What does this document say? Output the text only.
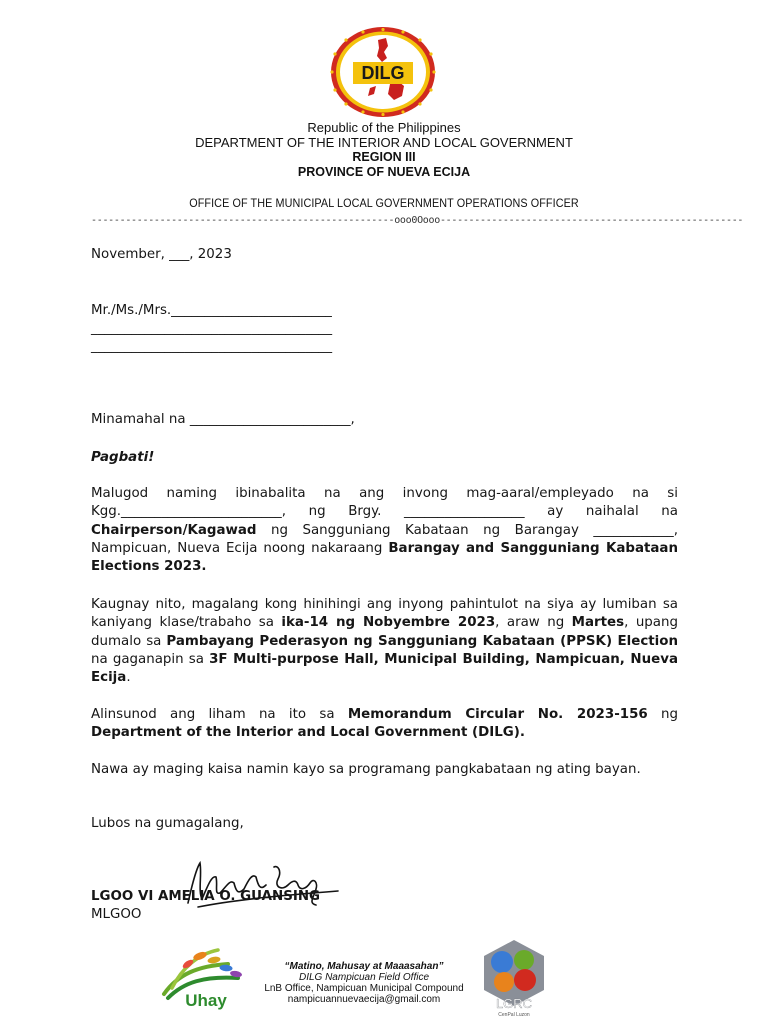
DILG
Republic of the Philippines
DEPARTMENT OF THE INTERIOR AND LOCAL GOVERNMENT
REGION III
PROVINCE OF NUEVA ECIJA
OFFICE OF THE MUNICIPAL LOCAL GOVERNMENT OPERATIONS OFFICER
-----------------------------------------------------ooo0Oooo-----------------------------------------------------
November, ___, 2023
Mr./Ms./Mrs.________________________
____________________________________
____________________________________
Minamahal na ________________________,
Pagbati!
Malugod naming ibinabalita na ang invong mag-aaral/empleyado na si Kgg.________________________, ng Brgy. __________________ ay naihalal na Chairperson/Kagawad ng Sangguniang Kabataan ng Barangay ____________, Nampicuan, Nueva Ecija noong nakaraang Barangay and Sangguniang Kabataan Elections 2023.
Kaugnay nito, magalang kong hinihingi ang inyong pahintulot na siya ay lumiban sa kaniyang klase/trabaho sa ika-14 ng Nobyembre 2023, araw ng Martes, upang dumalo sa Pambayang Pederasyon ng Sangguniang Kabataan (PPSK) Election na gaganapin sa 3F Multi-purpose Hall, Municipal Building, Nampicuan, Nueva Ecija.
Alinsunod ang liham na ito sa Memorandum Circular No. 2023-156 ng Department of the Interior and Local Government (DILG).
Nawa ay maging kaisa namin kayo sa programang pangkabataan ng ating bayan.
Lubos na gumagalang,
LGOO VI AMELIA O. GUANSING
MLGOO
Uhay
“Matino, Mahusay at Maaasahan”
DILG Nampicuan Field Office
LnB Office, Nampicuan Municipal Compound
nampicuannuevaecija@gmail.com	LGRC
CenPal Luzon
